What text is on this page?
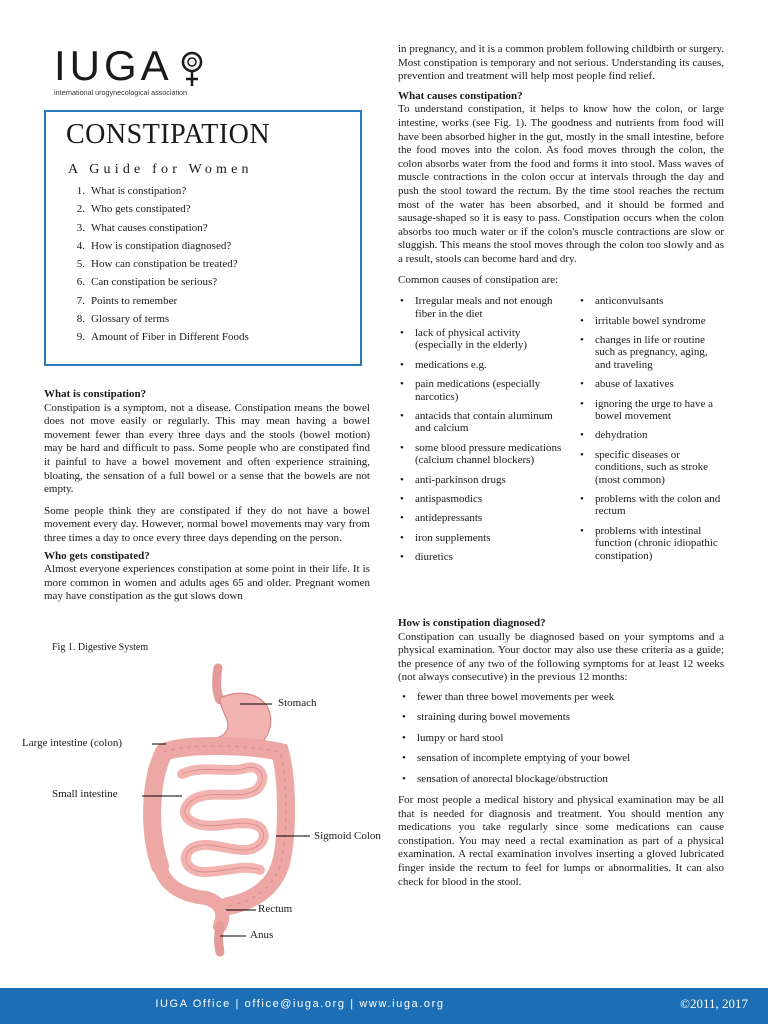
IUGA
international urogynecological association
CONSTIPATION
A Guide for Women
1. What is constipation?
2. Who gets constipated?
3. What causes constipation?
4. How is constipation diagnosed?
5. How can constipation be treated?
6. Can constipation be serious?
7. Points to remember
8. Glossary of terms
9. Amount of Fiber in Different Foods
What is constipation?

Constipation is a symptom, not a disease. Constipation means the bowel does not move easily or regularly. This may mean having a bowel movement fewer than every three days and the stools (bowel motion) may be hard and difficult to pass. Some people who are constipated find it painful to have a bowel movement and often experience straining, bloating, the sensation of a full bowel or a sense that the bowels are not empty.

Some people think they are constipated if they do not have a bowel movement every day. However, normal bowel movements may vary from three times a day to once every three days depending on the person.

Who gets constipated?

Almost everyone experiences constipation at some point in their life. It is more common in women and adults ages 65 and older. Pregnant women may have constipation as the gut slows down

Fig 1. Digestive System
Stomach
Large intestine (colon)
Small intestine
Sigmoid Colon
Rectum
Anus

in pregnancy, and it is a common problem following childbirth or surgery. Most constipation is temporary and not serious. Understanding its causes, prevention and treatment will help most people find relief.

What causes constipation?

To understand constipation, it helps to know how the colon, or large intestine, works (see Fig. 1). The goodness and nutrients from food will have been absorbed higher in the gut, mostly in the small intestine, before the food moves into the colon. As food moves through the colon, the colon absorbs water from the food and forms it into stool. Mass waves of muscle contractions in the colon occur at intervals through the day and push the stool toward the rectum. By the time stool reaches the rectum most of the water has been absorbed, and it should be formed and sausage-shaped so it is easy to pass. Constipation occurs when the colon absorbs too much water or if the colon's muscle contractions are slow or sluggish. This means the stool moves through the colon too slowly and as a result, stools can become hard and dry.

Common causes of constipation are:

• Irregular meals and not enough fiber in the diet
• lack of physical activity (especially in the elderly)
• medications e.g.
• pain medications (especially narcotics)
• antacids that contain aluminum and calcium
• some blood pressure medications (calcium channel blockers)
• anti-parkinson drugs
• antispasmodics
• antidepressants
• iron supplements
• diuretics
• anticonvulsants
• irritable bowel syndrome
• changes in life or routine such as pregnancy, aging, and traveling
• abuse of laxatives
• ignoring the urge to have a bowel movement
• dehydration
• specific diseases or conditions, such as stroke (most common)
• problems with the colon and rectum
• problems with intestinal function (chronic idiopathic constipation)
How is constipation diagnosed?

Constipation can usually be diagnosed based on your symptoms and a physical examination. Your doctor may also use these criteria as a guide; the presence of any two of the following symptoms for at least 12 weeks (not always consecutive) in the previous 12 months:

• fewer than three bowel movements per week
• straining during bowel movements
• lumpy or hard stool
• sensation of incomplete emptying of your bowel
• sensation of anorectal blockage/obstruction

For most people a medical history and physical examination may be all that is needed for diagnosis and treatment. You should mention any medications you take regularly since some medications can cause constipation. You may need a rectal examination as part of a physical examination. A rectal examination involves inserting a gloved lubricated finger inside the rectum to feel for lumps or abnormalities. It can also check for blood in the stool.

IUGA Office | office@iuga.org | www.iuga.org	©2011, 2017
